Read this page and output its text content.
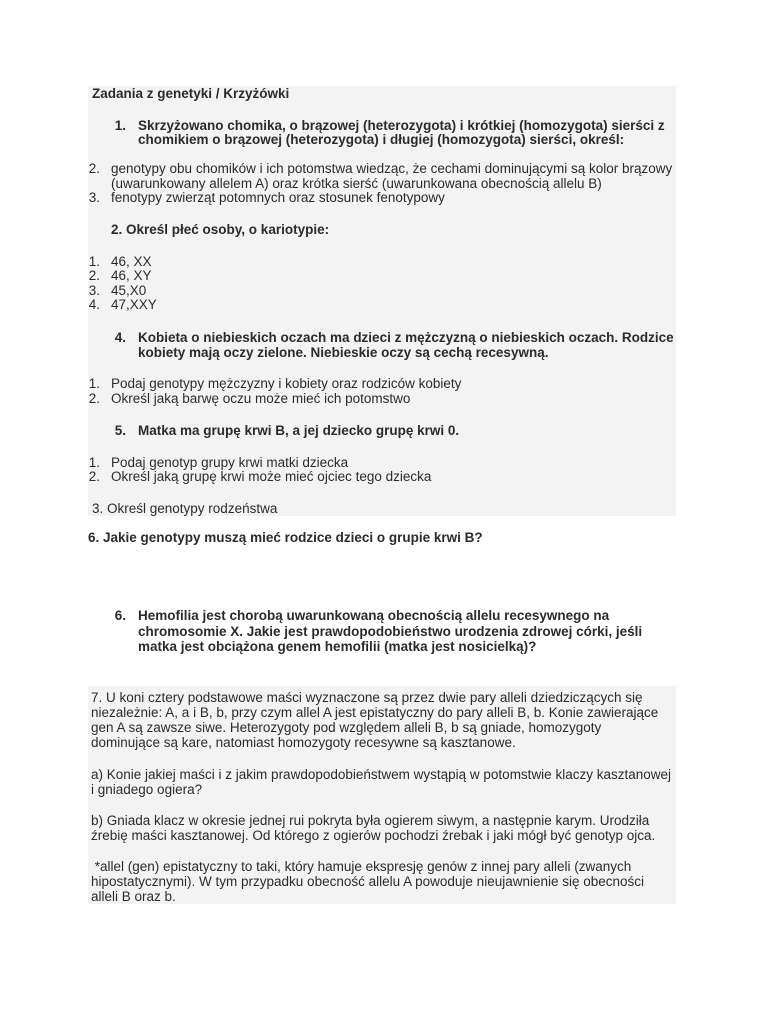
Zadania z genetyki / Krzyżówki
1. Skrzyżowano chomika, o brązowej (heterozygota) i krótkiej (homozygota) sierści z
chomikiem o brązowej (heterozygota) i długiej (homozygota) sierści, określ:
2. genotypy obu chomików i ich potomstwa wiedząc, że cechami dominującymi są kolor brązowy
(uwarunkowany allelem A) oraz krótka sierść (uwarunkowana obecnością allelu B)
3. fenotypy zwierząt potomnych oraz stosunek fenotypowy
2. Określ płeć osoby, o kariotypie:
1. 46, XX
2. 46, XY
3. 45,X0
4. 47,XXY
4. Kobieta o niebieskich oczach ma dzieci z mężczyzną o niebieskich oczach. Rodzice
kobiety mają oczy zielone. Niebieskie oczy są cechą recesywną.
1. Podaj genotypy mężczyzny i kobiety oraz rodziców kobiety
2. Określ jaką barwę oczu może mieć ich potomstwo
5. Matka ma grupę krwi B, a jej dziecko grupę krwi 0.
1. Podaj genotyp grupy krwi matki dziecka
2. Określ jaką grupę krwi może mieć ojciec tego dziecka
3. Określ genotypy rodzeństwa
6. Jakie genotypy muszą mieć rodzice dzieci o grupie krwi B?
6. Hemofilia jest chorobą uwarunkowaną obecnością allelu recesywnego na
chromosomie X. Jakie jest prawdopodobieństwo urodzenia zdrowej córki, jeśli
matka jest obciążona genem hemofilii (matka jest nosicielką)?
7. U koni cztery podstawowe maści wyznaczone są przez dwie pary alleli dziedziczących się
niezależnie: A, a i B, b, przy czym allel A jest epistatyczny do pary alleli B, b. Konie zawierające
gen A są zawsze siwe. Heterozygoty pod względem alleli B, b są gniade, homozygoty
dominujące są kare, natomiast homozygoty recesywne są kasztanowe.
a) Konie jakiej maści i z jakim prawdopodobieństwem wystąpią w potomstwie klaczy kasztanowej
i gniadego ogiera?
b) Gniada klacz w okresie jednej rui pokryta była ogierem siwym, a następnie karym. Urodziła
źrebię maści kasztanowej. Od którego z ogierów pochodzi źrebak i jaki mógł być genotyp ojca.
*allel (gen) epistatyczny to taki, który hamuje ekspresję genów z innej pary alleli (zwanych
hipostatycznymi). W tym przypadku obecność allelu A powoduje nieujawnienie się obecności
alleli B oraz b.
